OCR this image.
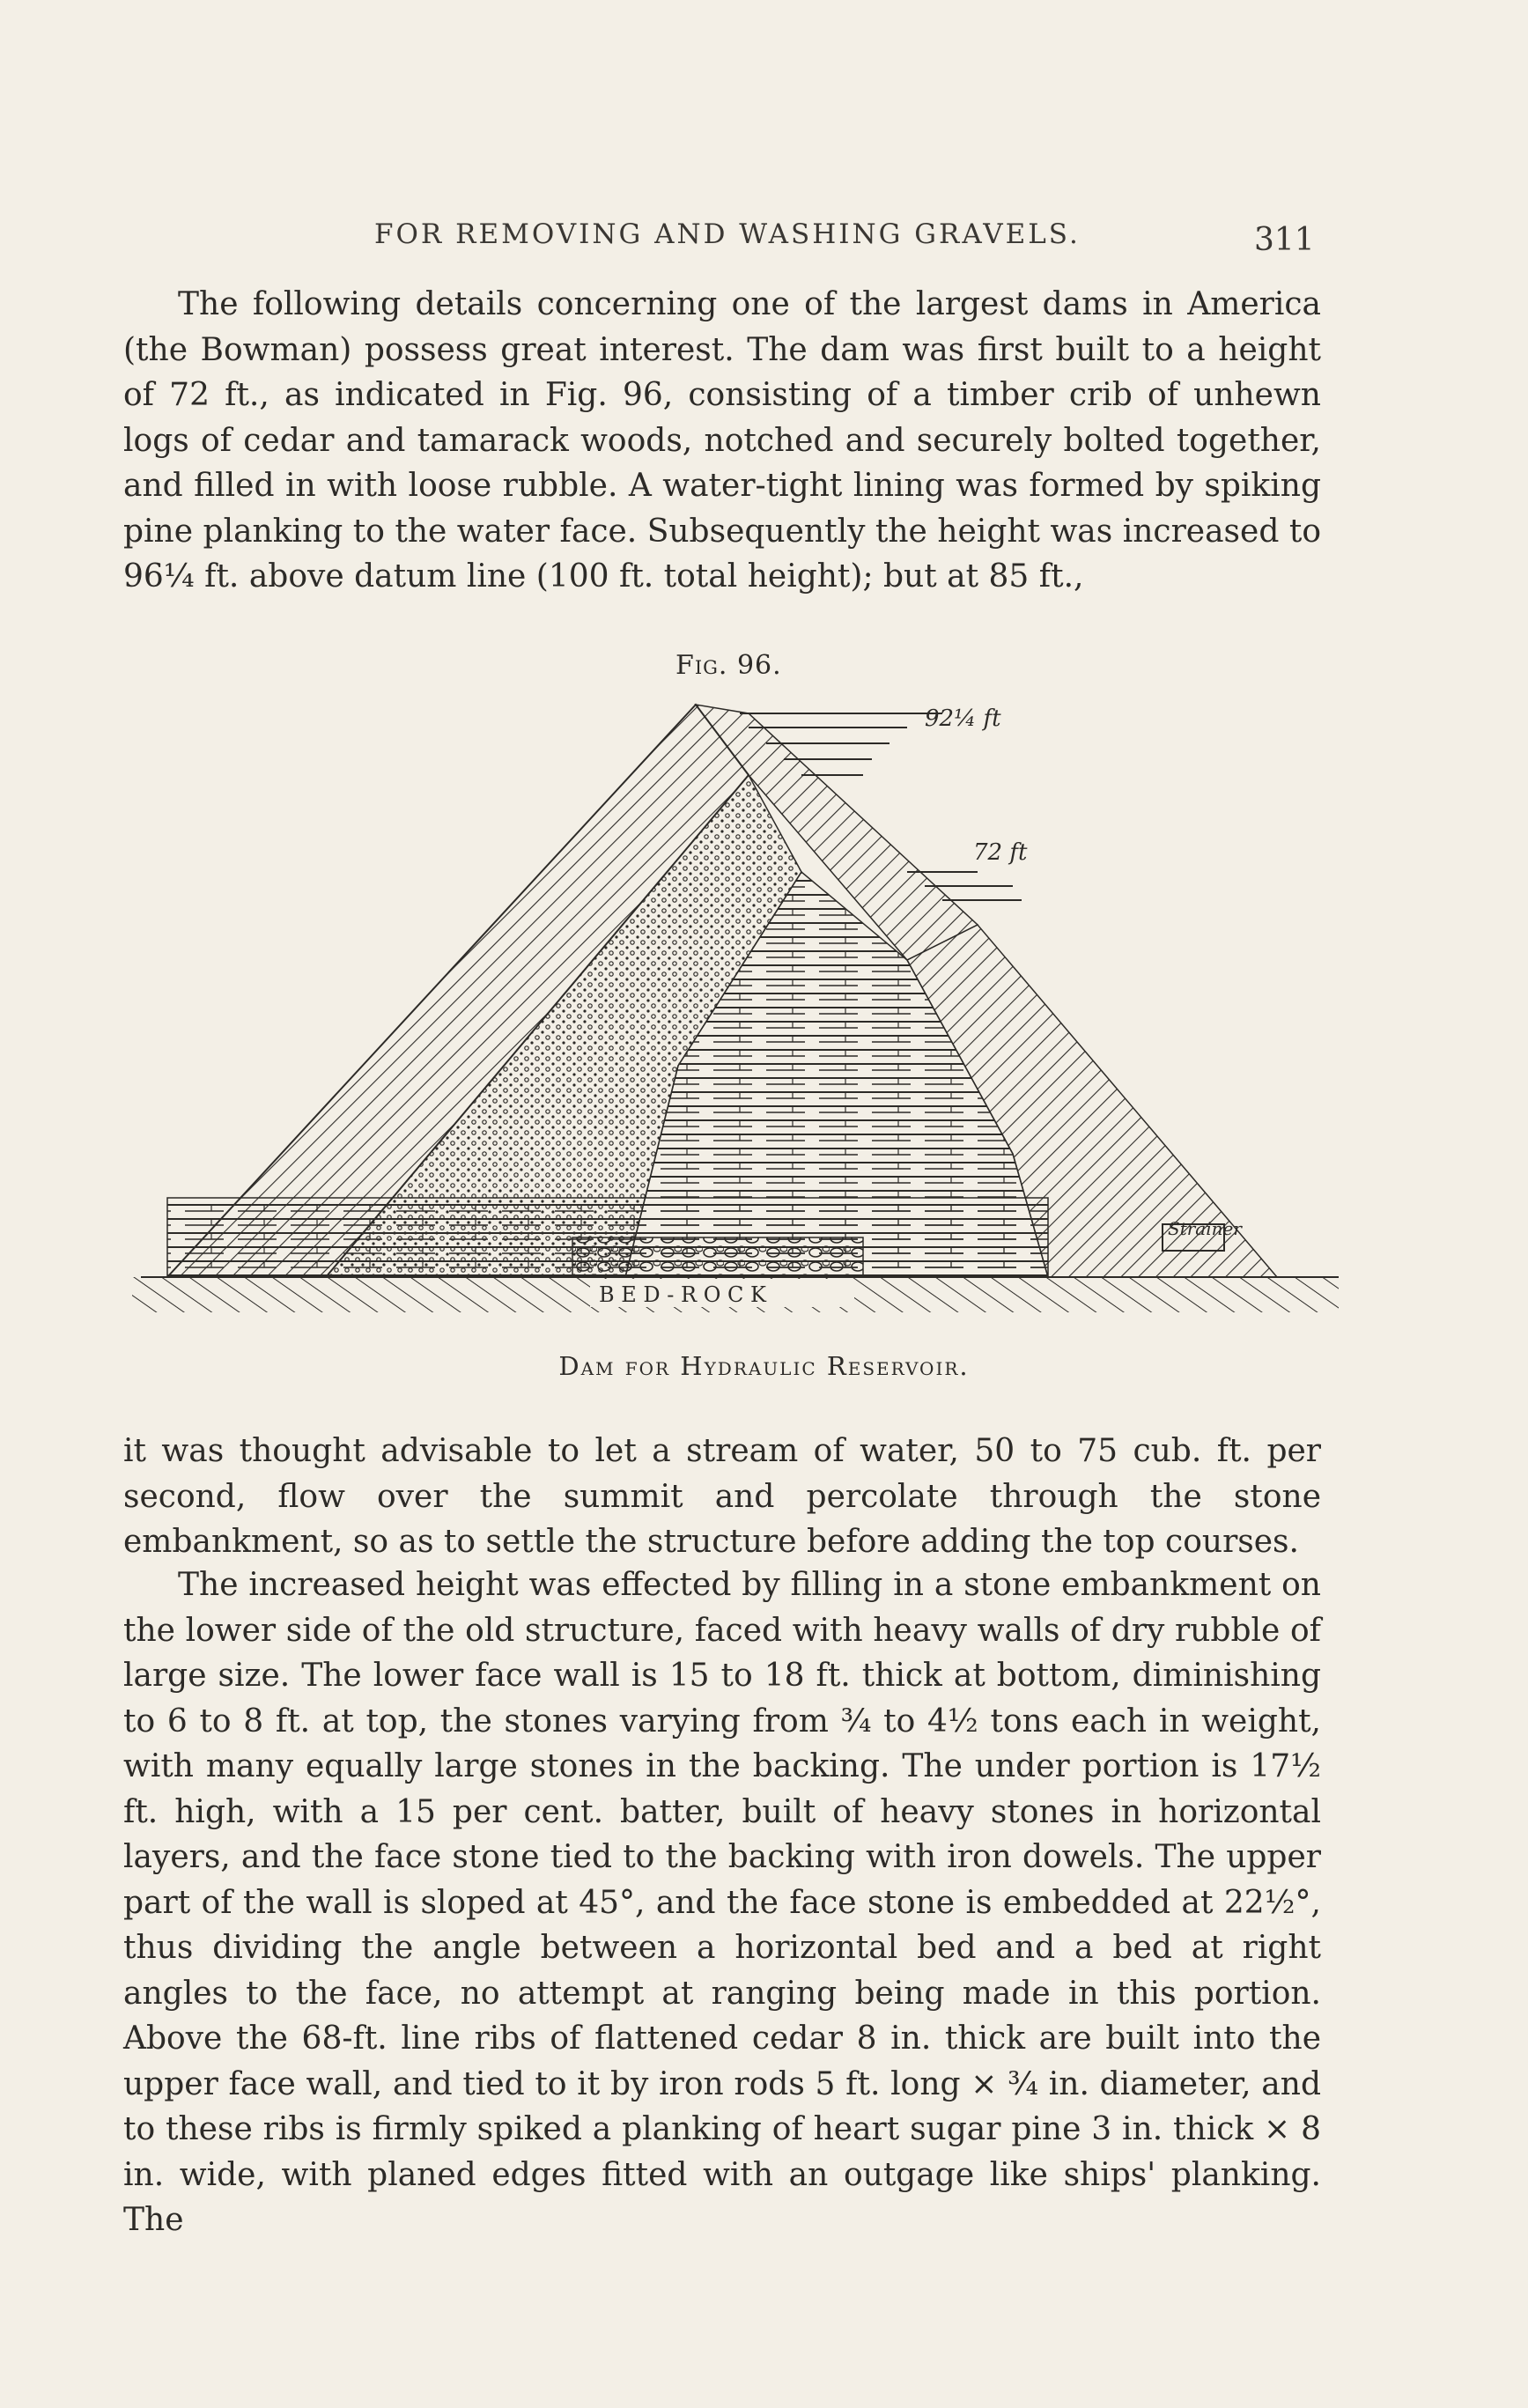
FOR REMOVING AND WASHING GRAVELS.	311

The following details concerning one of the largest dams in America (the Bowman) possess great interest. The dam was first built to a height of 72 ft., as indicated in Fig. 96, consisting of a timber crib of unhewn logs of cedar and tamarack woods, notched and securely bolted together, and filled in with loose rubble. A water-tight lining was formed by spiking pine planking to the water face. Subsequently the height was increased to 96¼ ft. above datum line (100 ft. total height); but at 85 ft.,

Fig. 96.
92¼ ft
72 ft
Strainer
B E D - R O C K
Dam for Hydraulic Reservoir.

it was thought advisable to let a stream of water, 50 to 75 cub. ft. per second, flow over the summit and percolate through the stone embankment, so as to settle the structure before adding the top courses.

The increased height was effected by filling in a stone embankment on the lower side of the old structure, faced with heavy walls of dry rubble of large size. The lower face wall is 15 to 18 ft. thick at bottom, diminishing to 6 to 8 ft. at top, the stones varying from ¾ to 4½ tons each in weight, with many equally large stones in the backing. The under portion is 17½ ft. high, with a 15 per cent. batter, built of heavy stones in horizontal layers, and the face stone tied to the backing with iron dowels. The upper part of the wall is sloped at 45°, and the face stone is embedded at 22½°, thus dividing the angle between a horizontal bed and a bed at right angles to the face, no attempt at ranging being made in this portion. Above the 68-ft. line ribs of flattened cedar 8 in. thick are built into the upper face wall, and tied to it by iron rods 5 ft. long × ¾ in. diameter, and to these ribs is firmly spiked a planking of heart sugar pine 3 in. thick × 8 in. wide, with planed edges fitted with an outgage like ships' planking. The
